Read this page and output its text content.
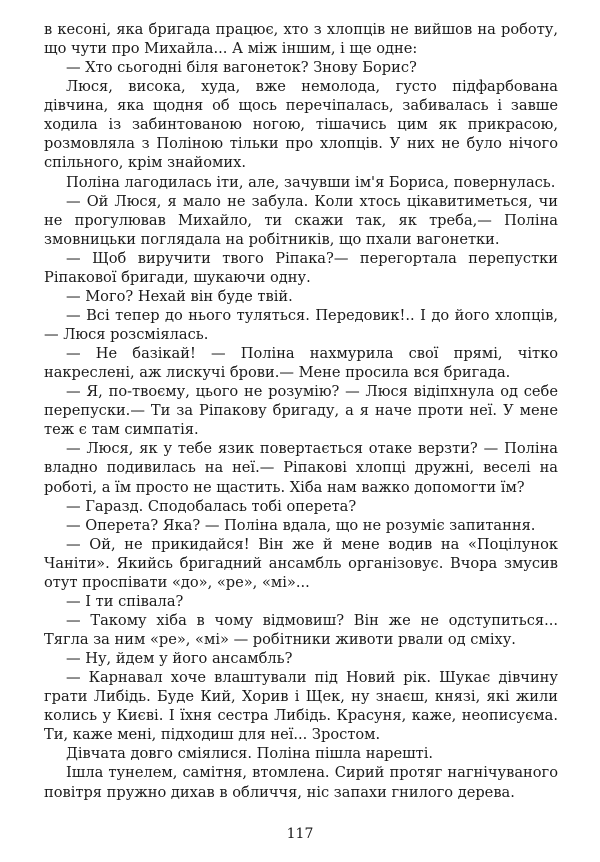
в кесоні, яка бригада працює, хто з хлопців не вийшов на роботу, що чути про Михайла... А між іншим, і ще одне:

— Хто сьогодні біля вагонеток? Знову Борис?

Люся, висока, худа, вже немолода, густо підфарбована дівчина, яка щодня об щось перечіпалась, забивалась і завше ходила із забинтованою ногою, тішачись цим як прикрасою, розмовляла з Поліною тільки про хлопців. У них не було нічого спільного, крім знайомих.

Поліна лагодилась іти, але, зачувши ім'я Бориса, повернулась.

— Ой Люся, я мало не забула. Коли хтось цікавитиметься, чи не прогулював Михайло, ти скажи так, як треба,— Поліна змовницьки поглядала на робітників, що пхали вагонетки.

— Щоб виручити твого Ріпака?— перегортала перепустки Ріпакової бригади, шукаючи одну.

— Мого? Нехай він буде твій.

— Всі тепер до нього туляться. Передовик!.. І до його хлопців,— Люся розсміялась.

— Не базікай! — Поліна нахмурила свої прямі, чітко накреслені, аж лискучі брови.— Мене просила вся бригада.

— Я, по-твоєму, цього не розумію? — Люся відіпхнула од себе перепуски.— Ти за Ріпакову бригаду, а я наче проти неї. У мене теж є там симпатія.

— Люся, як у тебе язик повертається отаке верзти? — Поліна владно подивилась на неї.— Ріпакові хлопці дружні, веселі на роботі, а їм просто не щастить. Хіба нам важко допомогти їм?

— Гаразд. Сподобалась тобі оперета?

— Оперета? Яка? — Поліна вдала, що не розуміє запитання.

— Ой, не прикидайся! Він же й мене водив на «Поцілунок Чаніти». Якийсь бригадний ансамбль організовує. Вчора змусив отут проспівати «до», «ре», «мі»...

— І ти співала?

— Такому хіба в чому відмовиш? Він же не одступиться... Тягла за ним «ре», «мі» — робітники животи рвали од сміху.

— Ну, йдем у його ансамбль?

— Карнавал хоче влаштували під Новий рік. Шукає дівчину грати Либідь. Буде Кий, Хорив і Щек, ну знаєш, князі, які жили колись у Києві. І їхня сестра Либідь. Красуня, каже, неописуєма. Ти, каже мені, підходиш для неї... Зростом.

Дівчата довго сміялися. Поліна пішла нарешті.

Ішла тунелем, самітня, втомлена. Сирий протяг нагнічуваного повітря пружно дихав в обличчя, ніс запахи гнилого дерева.

117
